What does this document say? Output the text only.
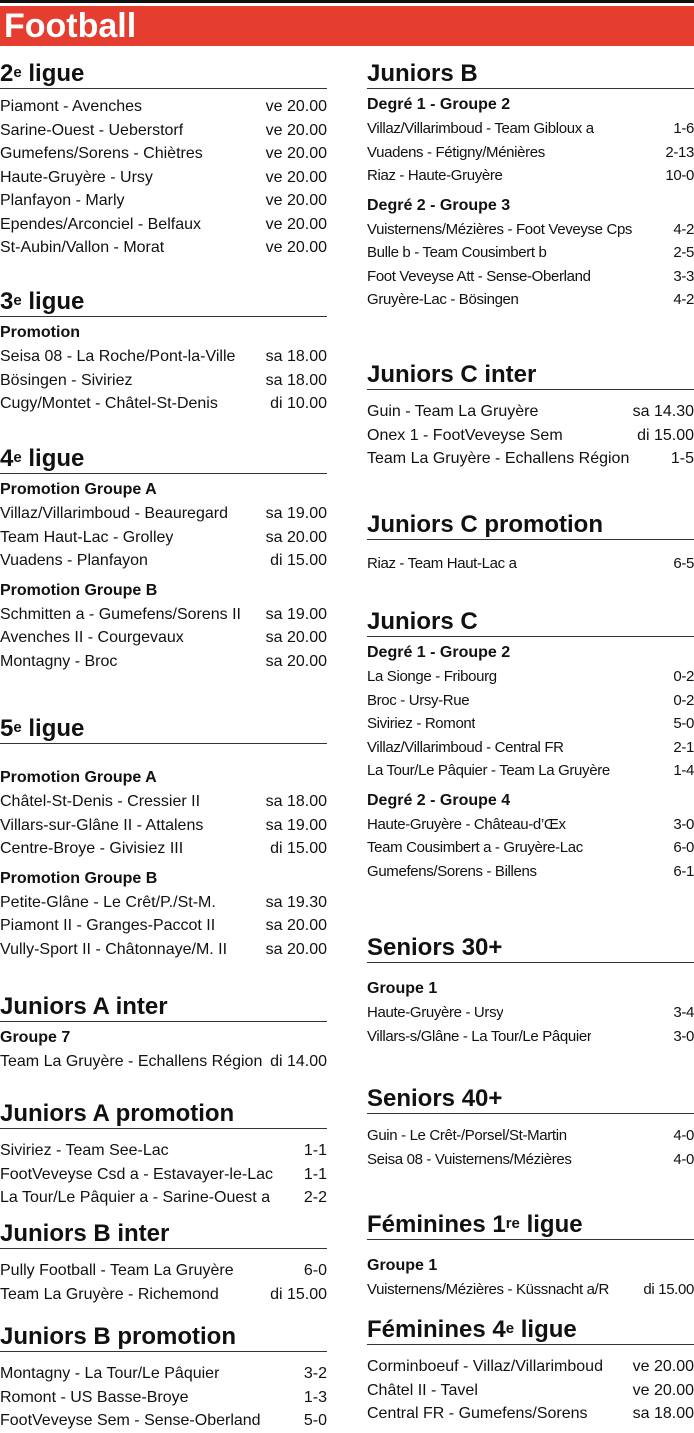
Football
2e ligue
Piamont - Avenches	ve 20.00
Sarine-Ouest - Ueberstorf	ve 20.00
Gumefens/Sorens - Chiètres	ve 20.00
Haute-Gruyère - Ursy	ve 20.00
Planfayon - Marly	ve 20.00
Ependes/Arconciel - Belfaux	ve 20.00
St-Aubin/Vallon - Morat	ve 20.00
3e ligue
Promotion
Seisa 08 - La Roche/Pont-la-Ville	sa 18.00
Bösingen - Siviriez	sa 18.00
Cugy/Montet - Châtel-St-Denis	di 10.00
4e ligue
Promotion Groupe A
Villaz/Villarimboud - Beauregard	sa 19.00
Team Haut-Lac - Grolley	sa 20.00
Vuadens - Planfayon	di 15.00
Promotion Groupe B
Schmitten a - Gumefens/Sorens II	sa 19.00
Avenches II - Courgevaux	sa 20.00
Montagny - Broc	sa 20.00
5e ligue
Promotion Groupe A
Châtel-St-Denis - Cressier II	sa 18.00
Villars-sur-Glâne II - Attalens	sa 19.00
Centre-Broye - Givisiez III	di 15.00
Promotion Groupe B
Petite-Glâne - Le Crêt/P./St-M.	sa 19.30
Piamont II - Granges-Paccot II	sa 20.00
Vully-Sport II - Châtonnaye/M. II	sa 20.00
Juniors A inter
Groupe 7
Team La Gruyère - Echallens Région di 14.00
Juniors A promotion
Siviriez - Team See-Lac	1-1
FootVeveyse Csd a - Estavayer-le-Lac	1-1
La Tour/Le Pâquier a - Sarine-Ouest a	2-2
Juniors B inter
Pully Football - Team La Gruyère	6-0
Team La Gruyère - Richemond	di 15.00
Juniors B promotion
Montagny - La Tour/Le Pâquier	3-2
Romont - US Basse-Broye	1-3
FootVeveyse Sem - Sense-Oberland	5-0
Juniors B
Degré 1 - Groupe 2
Villaz/Villarimboud - Team Gibloux a	1-6
Vuadens - Fétigny/Ménières	2-13
Riaz - Haute-Gruyère	10-0
Degré 2 - Groupe 3
Vuisternens/Mézières - Foot Veveyse Cps	4-2
Bulle b - Team Cousimbert b	2-5
Foot Veveyse Att - Sense-Oberland	3-3
Gruyère-Lac - Bösingen	4-2
Juniors C inter
Guin - Team La Gruyère	sa 14.30
Onex 1 - FootVeveyse Sem	di 15.00
Team La Gruyère - Echallens Région	1-5
Juniors C promotion
Riaz - Team Haut-Lac a	6-5
Juniors C
Degré 1 - Groupe 2
La Sionge - Fribourg	0-2
Broc - Ursy-Rue	0-2
Siviriez - Romont	5-0
Villaz/Villarimboud - Central FR	2-1
La Tour/Le Pâquier - Team La Gruyère	1-4
Degré 2 - Groupe 4
Haute-Gruyère - Château-d’Œx	3-0
Team Cousimbert a - Gruyère-Lac	6-0
Gumefens/Sorens - Billens	6-1
Seniors 30+
Groupe 1
Haute-Gruyère - Ursy	3-4
Villars-s/Glâne - La Tour/Le Pâquier	3-0
Seniors 40+
Guin - Le Crêt-/Porsel/St-Martin	4-0
Seisa 08 - Vuisternens/Mézières	4-0
Féminines 1re ligue
Groupe 1
Vuisternens/Mézières - Küssnacht a/R	di 15.00
Féminines 4e ligue
Corminboeuf - Villaz/Villarimboud	ve 20.00
Châtel II - Tavel	ve 20.00
Central FR - Gumefens/Sorens	sa 18.00
